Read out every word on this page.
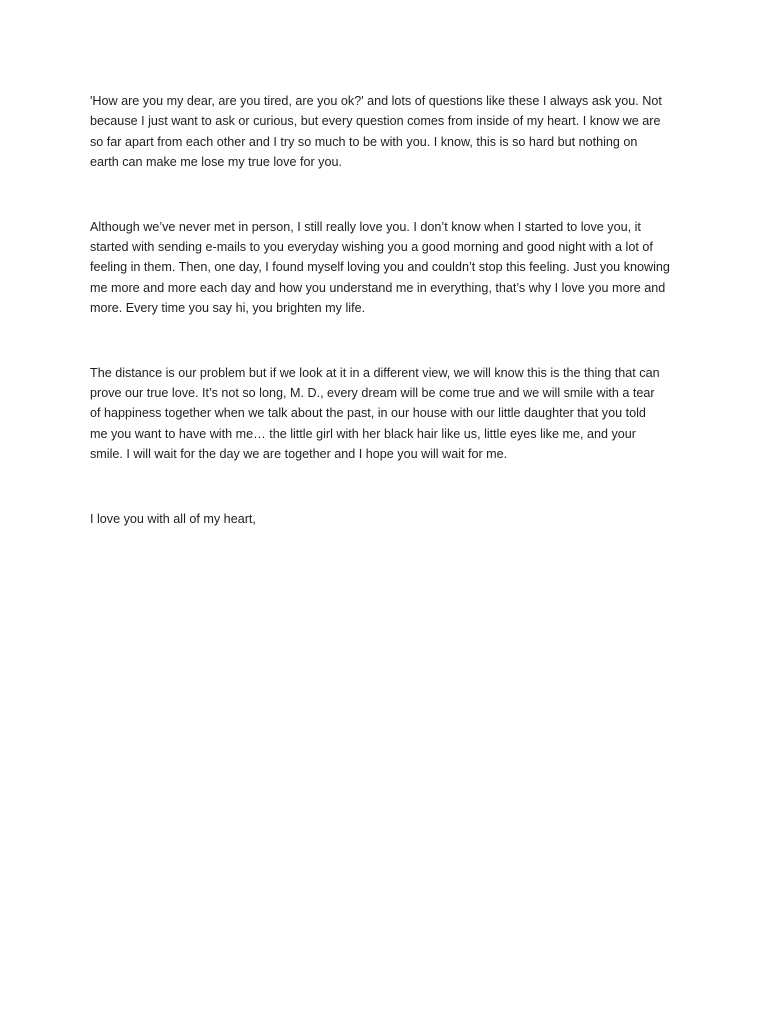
'How are you my dear, are you tired, are you ok?' and lots of questions like these I always ask you. Not
because I just want to ask or curious, but every question comes from inside of my heart. I know we are
so far apart from each other and I try so much to be with you. I know, this is so hard but nothing on
earth can make me lose my true love for you.

Although we’ve never met in person, I still really love you. I don’t know when I started to love you, it
started with sending e-mails to you everyday wishing you a good morning and good night with a lot of
feeling in them. Then, one day, I found myself loving you and couldn’t stop this feeling. Just you knowing
me more and more each day and how you understand me in everything, that’s why I love you more and
more. Every time you say hi, you brighten my life.

The distance is our problem but if we look at it in a different view, we will know this is the thing that can
prove our true love. It’s not so long, M. D., every dream will be come true and we will smile with a tear
of happiness together when we talk about the past, in our house with our little daughter that you told
me you want to have with me… the little girl with her black hair like us, little eyes like me, and your
smile. I will wait for the day we are together and I hope you will wait for me.

I love you with all of my heart,
